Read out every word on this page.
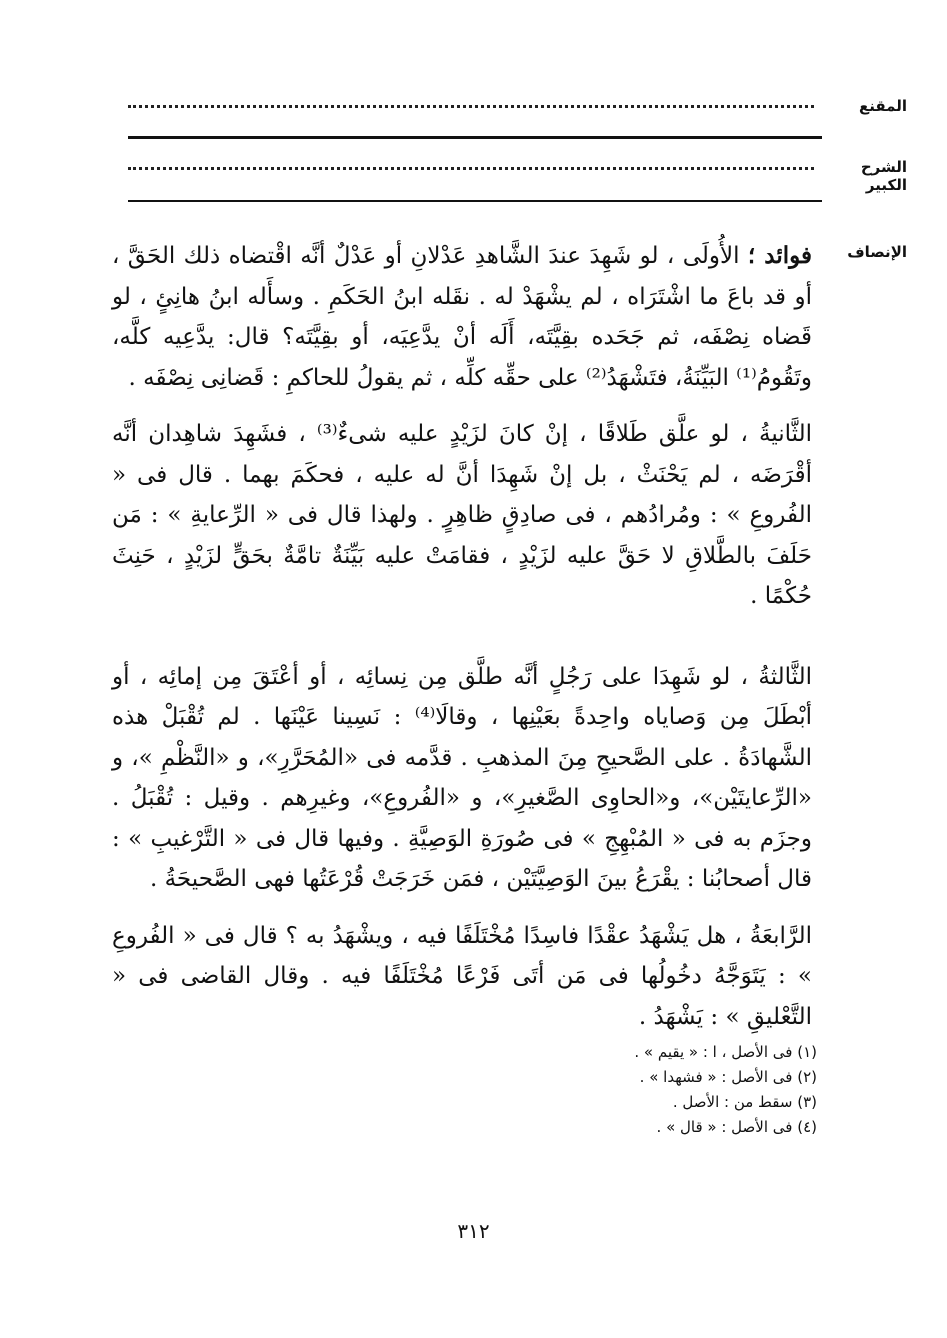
المقنع
الشرح الكبير
الإنصاف

فوائد ؛ الأُولَى ، لو شَهِدَ عندَ الشَّاهدِ عَدْلانِ أو عَدْلٌ أنَّه اقْتضاه ذلك الحَقَّ ، أو قد باعَ ما اشْتَرَاه ، لم يشْهَدْ له . نقَله ابنُ الحَكَمِ . وسأَله ابنُ هانِئٍ ، لو قَضاه نِصْفَه، ثم جَحَده بقِيَّتَه، أَلَه أنْ يدَّعِيَه، أو بقِيَّتَه؟ قال: يدَّعِيه كلَّه، وتَقُومُ⁽¹⁾ البَيِّنَةُ، فتَشْهَدُ⁽²⁾ على حقِّه كلِّه ، ثم يقولُ للحاكمِ : قَضانِى نِصْفَه .

الثَّانيةُ ، لو علَّق طَلاقًا ، إنْ كانَ لزَيْدٍ عليه شىءٌ⁽³⁾ ، فشَهِدَ شاهِدان أنَّه أقْرَضَه ، لم يَحْنَثْ ، بل إنْ شَهِدَا أنَّ له عليه ، فحكَمَ بهما . قال فى « الفُروعِ » : ومُرادُهم ، فى صادِقٍ ظاهِرٍ . ولهذا قال فى « الرِّعايةِ » : مَن حَلَفَ بالطَّلاقِ لا حَقَّ عليه لزَيْدٍ ، فقامَتْ عليه بَيِّنَةٌ تامَّةٌ بحَقٍّ لزَيْدٍ ، حَنِثَ حُكْمًا .

الثَّالثةُ ، لو شَهِدَا على رَجُلٍ أنَّه طلَّق مِن نِسائِه ، أو أعْتَقَ مِن إمائِه ، أو أبْطَلَ مِن وَصاياه واحِدةً بعَيْنِها ، وقالَا⁽⁴⁾ : نَسِينا عَيْنَها . لم تُقْبَلْ هذه الشَّهادَةُ . على الصَّحيحِ مِنَ المذهبِ . قدَّمه فى «المُحَرَّرِ»، و «النَّظْمِ »، و «الرِّعايتَيْن»، و«الحاوِى الصَّغيرِ»، و «الفُروعِ»، وغيرِهم . وقيل : تُقْبَلُ . وجزَم به فى « المُبْهِجِ » فى صُورَةِ الوَصِيَّةِ . وفيها قال فى « التَّرْغيبِ » : قال أصحابُنا : يقْرَعُ بينَ الوَصِيَّتَيْن ، فمَن خَرَجَتْ قُرْعَتُها فهى الصَّحيحَةُ .

الرَّابعَةُ ، هل يَشْهَدُ عقْدًا فاسِدًا مُخْتَلَفًا فيه ، ويشْهَدُ به ؟ قال فى « الفُروعِ » : يَتَوَجَّهُ دخُولُها فى مَن أتَى فَرْعًا مُخْتَلَفًا فيه . وقال القاضى فى « التَّعْليقِ » : يَشْهَدُ .

(١) فى الأصل ، ا : « يقيم » .
(٢) فى الأصل : « فشهدا » .
(٣) سقط من : الأصل .
(٤) فى الأصل : « قال » .
٣١٢
